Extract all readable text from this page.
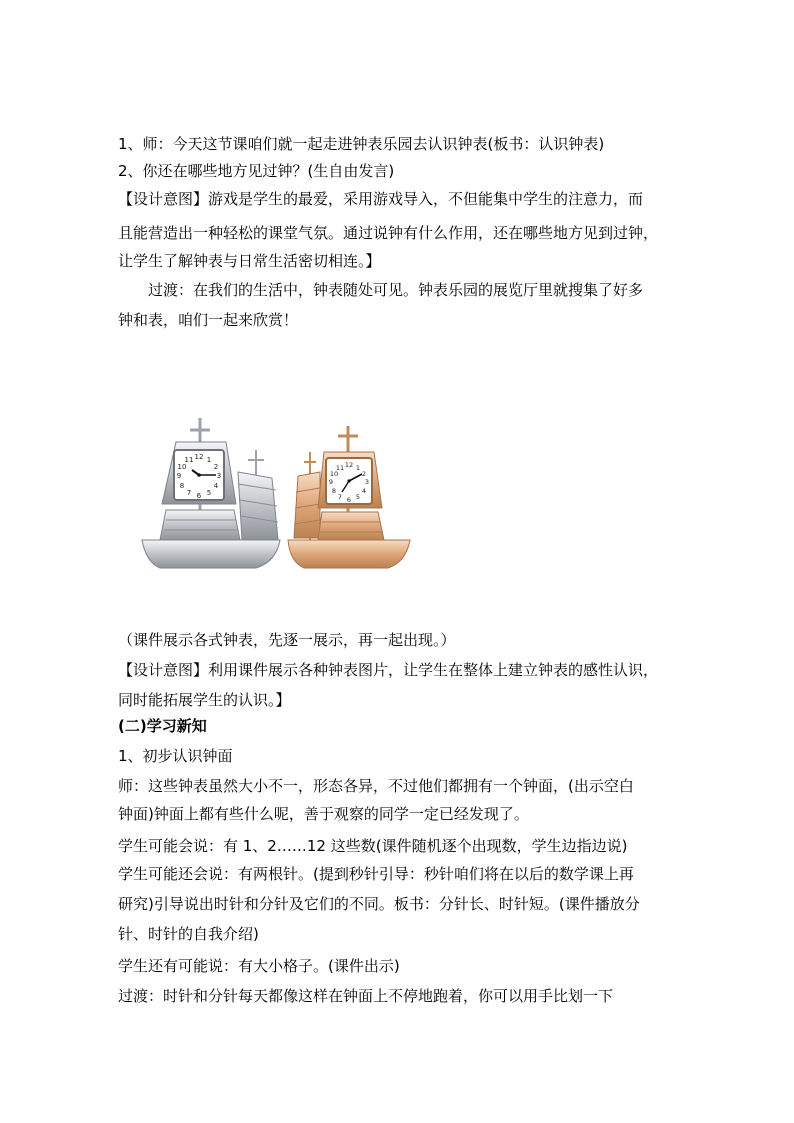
1、师：今天这节课咱们就一起走进钟表乐园去认识钟表(板书：认识钟表)
2、你还在哪些地方见过钟？(生自由发言)
【设计意图】游戏是学生的最爱，采用游戏导入，不但能集中学生的注意力，而
且能营造出一种轻松的课堂气氛。通过说钟有什么作用，还在哪些地方见到过钟，
让学生了解钟表与日常生活密切相连。】
过渡：在我们的生活中，钟表随处可见。钟表乐园的展览厅里就搜集了好多
钟和表，咱们一起来欣赏！
12 1
2
3
4
5
6
7
8
9
10
11
12 1
2
3
4
5
6
7
8
9
10
11
（课件展示各式钟表，先逐一展示，再一起出现。）
【设计意图】利用课件展示各种钟表图片，让学生在整体上建立钟表的感性认识，
同时能拓展学生的认识。】
(二)学习新知
1、初步认识钟面
师：这些钟表虽然大小不一，形态各异，不过他们都拥有一个钟面，(出示空白
钟面)钟面上都有些什么呢，善于观察的同学一定已经发现了。
学生可能会说：有 1、2……12 这些数(课件随机逐个出现数，学生边指边说)
学生可能还会说：有两根针。(提到秒针引导：秒针咱们将在以后的数学课上再
研究)引导说出时针和分针及它们的不同。板书：分针长、时针短。(课件播放分
针、时针的自我介绍)
学生还有可能说：有大小格子。(课件出示)
过渡：时针和分针每天都像这样在钟面上不停地跑着，你可以用手比划一下
